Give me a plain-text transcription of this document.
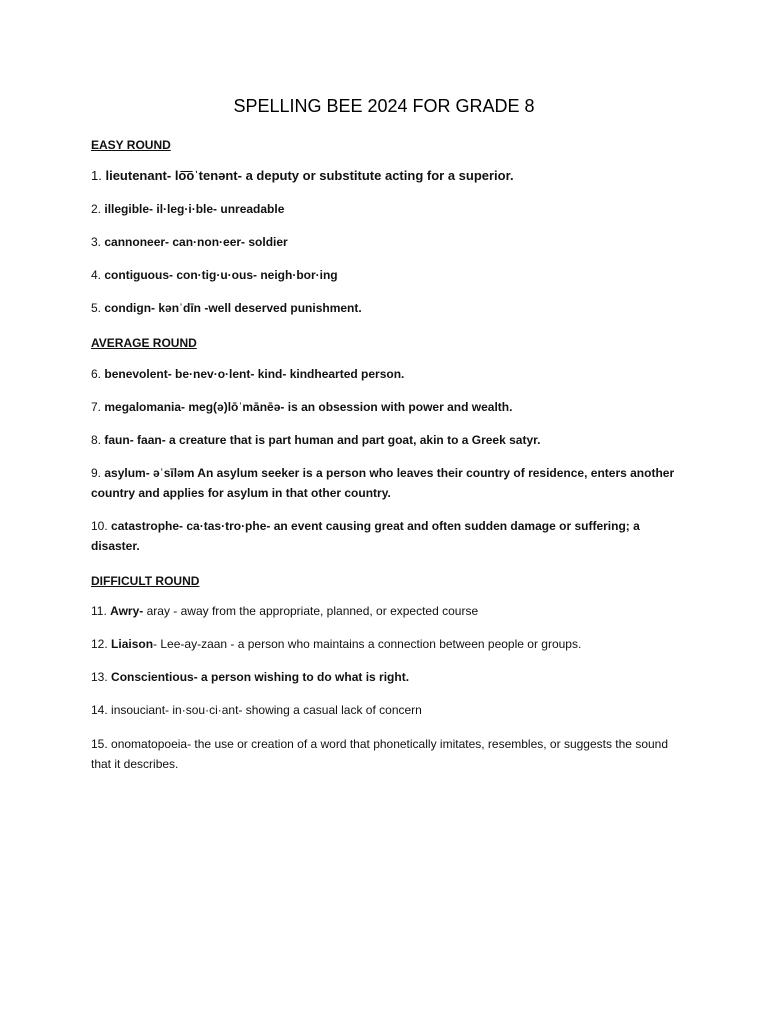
SPELLING BEE 2024 FOR GRADE 8
EASY ROUND
1. lieutenant- lo͞oˈtenənt- a deputy or substitute acting for a superior.
2. illegible- il·leg·i·ble- unreadable
3. cannoneer- can·non·eer- soldier
4. contiguous- con·tig·u·ous- neigh·bor·ing
5. condign- kənˈdīn -well deserved punishment.
AVERAGE ROUND
6. benevolent- be·nev·o·lent- kind- kindhearted person.
7. megalomania- meg(ə)lōˈmānēə- is an obsession with power and wealth.
8. faun- faan- a creature that is part human and part goat, akin to a Greek satyr.
9. asylum- əˈsīləm An asylum seeker is a person who leaves their country of residence, enters another country and applies for asylum in that other country.
10. catastrophe- ca·tas·tro·phe- an event causing great and often sudden damage or suffering; a disaster.
DIFFICULT ROUND
11. Awry- aray - away from the appropriate, planned, or expected course
12. Liaison- Lee-ay-zaan - a person who maintains a connection between people or groups.
13. Conscientious- a person wishing to do what is right.
14. insouciant- in·sou·ci·ant- showing a casual lack of concern
15. onomatopoeia- the use or creation of a word that phonetically imitates, resembles, or suggests the sound that it describes.
